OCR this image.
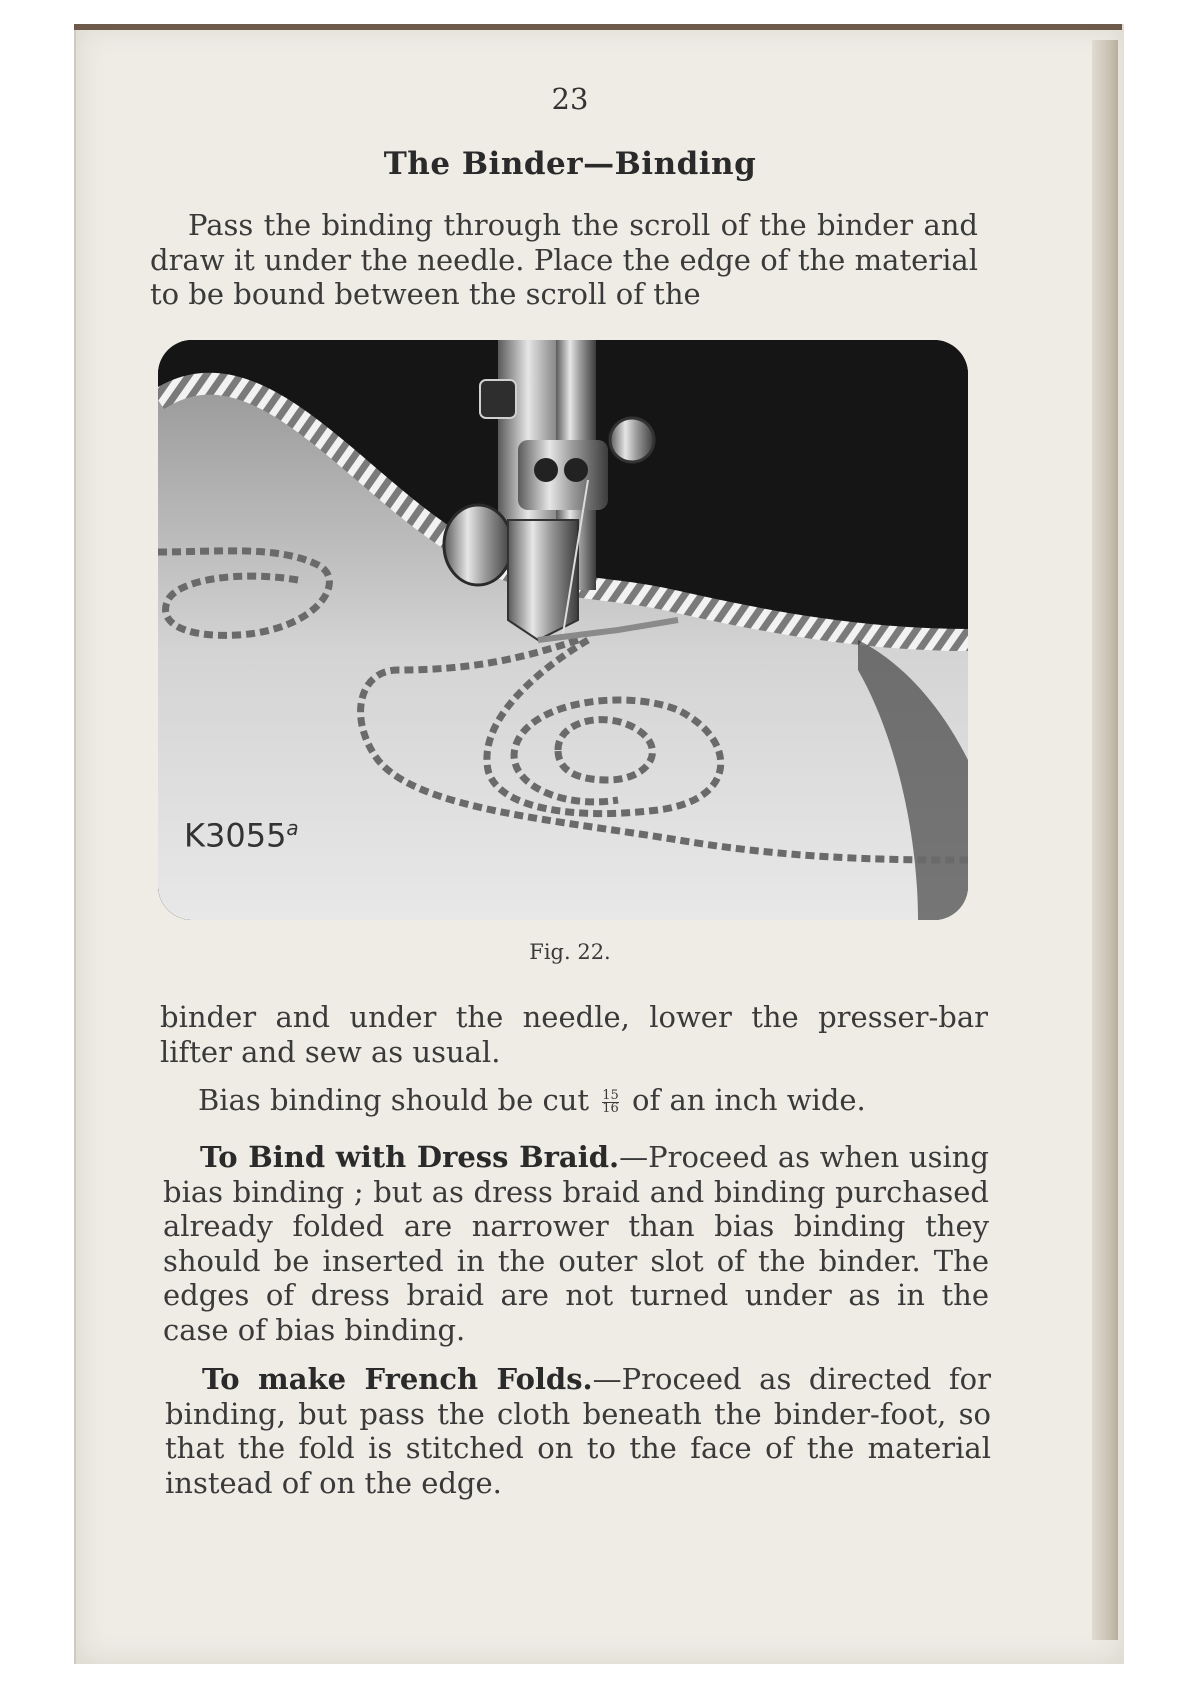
23
The Binder—Binding

Pass the binding through the scroll of the binder and draw it under the needle. Place the edge of the material to be bound between the scroll of the

K3055$^a$
Fig. 22.

binder and under the needle, lower the presser-bar lifter and sew as usual.

Bias binding should be cut $\frac{15}{16}$ of an inch wide.

To Bind with Dress Braid.—Proceed as when using bias binding ; but as dress braid and binding purchased already folded are narrower than bias binding they should be inserted in the outer slot of the binder. The edges of dress braid are not turned under as in the case of bias binding.

To make French Folds.—Proceed as directed for binding, but pass the cloth beneath the binder-foot, so that the fold is stitched on to the face of the material instead of on the edge.
